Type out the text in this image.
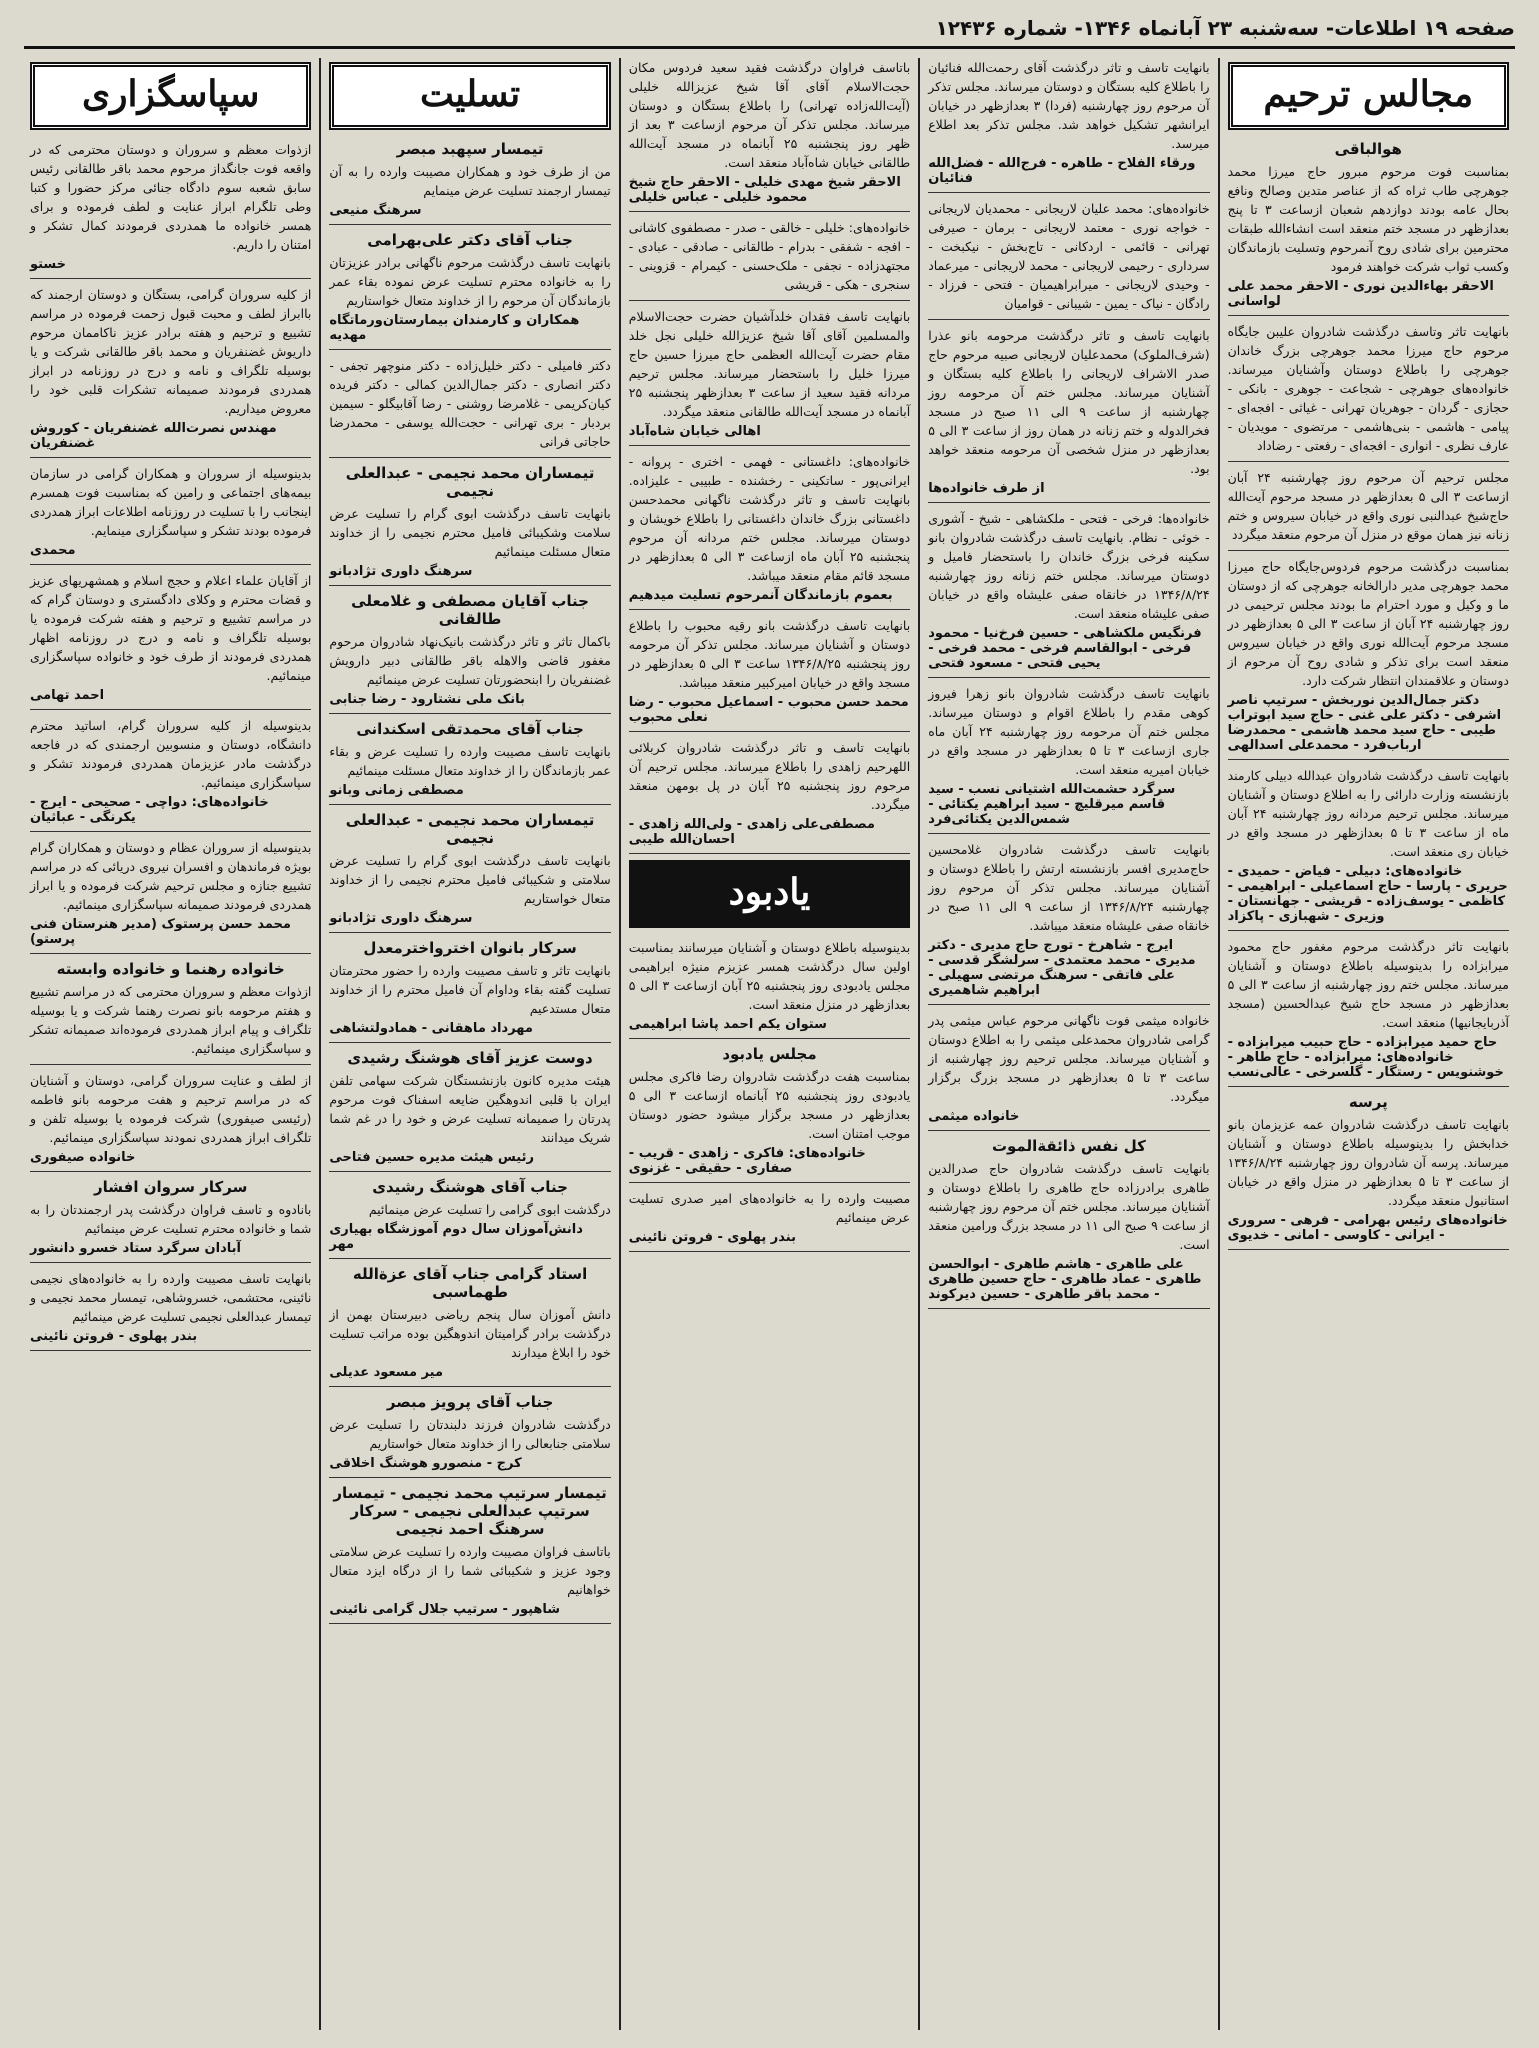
صفحه ۱۹ اطلاعات- سه‌شنبه ۲۳ آبانماه ۱۳۴۶- شماره ۱۲۴۳۶
مجالس ترحیم
هوالباقی

بمناسبت فوت مرحوم مبرور حاج میرزا محمد جوهرچی طاب ثراه که از عناصر متدین وصالح ونافع بحال عامه بودند دوازدهم شعبان ازساعت ۳ تا پنج بعدازظهر در مسجد ختم منعقد است انشاءالله طبقات محترمین برای شادی روح آنمرحوم وتسلیت بازماندگان وکسب ثواب شرکت خواهند فرمود

الاحقر بهاءالدین نوری - الاحقر محمد علی لواسانی

بانهایت تاثر وتاسف درگذشت شادروان علیبن جایگاه مرحوم حاج میرزا محمد جوهرچی بزرگ خاندان جوهرچی را باطلاع دوستان وآشنایان میرساند. خانواده‌های جوهرچی - شجاعت - جوهری - بانکی - حجازی - گردان - جوهریان تهرانی - غیاثی - افجه‌ای - پیامی - هاشمی - بنی‌هاشمی - مرتضوی - مویدیان - عارف نظری - انواری - افجه‌ای - رفعتی - رضاداد

مجلس ترحیم آن مرحوم روز چهارشنبه ۲۴ آبان ازساعت ۳ الی ۵ بعدازظهر در مسجد مرحوم آیت‌الله حاج‌شیخ عبدالنبی نوری واقع در خیابان سیروس و ختم زنانه نیز همان موقع در منزل آن مرحوم منعقد میگردد

بمناسبت درگذشت مرحوم فردوس‌جایگاه حاج میرزا محمد جوهرچی مدیر دارالخانه جوهرچی که از دوستان ما و وکیل و مورد احترام ما بودند مجلس ترحیمی در روز چهارشنبه ۲۴ آبان از ساعت ۳ الی ۵ بعدازظهر در مسجد مرحوم آیت‌الله نوری واقع در خیابان سیروس منعقد است برای تذکر و شادی روح آن مرحوم از دوستان و علاقمندان انتظار شرکت دارد.

دکتر جمال‌الدین نوربخش - سرتیپ ناصر اشرفی - دکتر علی غنی - حاج سید ابوتراب طیبی - حاج سید محمد هاشمی - محمدرضا ارباب‌فرد - محمدعلی اسدالهی

بانهایت تاسف درگذشت شادروان عبدالله دبیلی کارمند بازنشسته وزارت دارائی را به اطلاع دوستان و آشنایان میرساند. مجلس ترحیم مردانه روز چهارشنبه ۲۴ آبان ماه از ساعت ۳ تا ۵ بعدازظهر در مسجد واقع در خیابان ری منعقد است.

خانواده‌های: دبیلی - فیاض - حمیدی - حریری - پارسا - حاج اسماعیلی - ابراهیمی - کاظمی - یوسف‌زاده - قریشی - جهانستان - وزیری - شهبازی - پاکزاد

بانهایت تاثر درگذشت مرحوم مغفور حاج محمود میرابزاده را بدینوسیله باطلاع دوستان و آشنایان میرساند. مجلس ختم روز چهارشنبه از ساعت ۳ الی ۵ بعدازظهر در مسجد حاج شیخ عبدالحسین (مسجد آذربایجانیها) منعقد است.

حاج حمید میرابزاده - حاج حبیب میرابزاده - خانواده‌های: میرابزاده - حاج طاهر - خوشنویس - رستگار - گلسرخی - عالی‌نسب
پرسه

بانهایت تاسف درگذشت شادروان عمه عزیزمان بانو خدابخش را بدینوسیله باطلاع دوستان و آشنایان میرساند. پرسه آن شادروان روز چهارشنبه ۱۳۴۶/۸/۲۴ از ساعت ۳ تا ۵ بعدازظهر در منزل واقع در خیابان استانبول منعقد میگردد.

خانواده‌های رئیس بهرامی - فرهی - سروری - ایرانی - کاوسی - امانی - خدیوی

بانهایت تاسف و تاثر درگذشت آقای رحمت‌الله فنائیان را باطلاع کلیه بستگان و دوستان میرساند. مجلس تذکر آن مرحوم روز چهارشنبه (فردا) ۳ بعدازظهر در خیابان ایرانشهر تشکیل خواهد شد. مجلس تذکر بعد اطلاع میرسد.

ورقاء الفلاح - طاهره - فرج‌الله - فضل‌الله فنائیان

خانواده‌های: محمد علیان لاریجانی - محمدیان لاریجانی - خواجه نوری - معتمد لاریجانی - برمان - صیرفی تهرانی - قائمی - اردکانی - تاج‌بخش - نیکبخت - سرداری - رحیمی لاریجانی - محمد لاریجانی - میرعماد - وحیدی لاریجانی - میرابراهیمیان - فتحی - فرزاد - رادگان - نیاک - یمین - شیبانی - قوامیان

بانهایت تاسف و تاثر درگذشت مرحومه بانو عذرا (شرف‌الملوک) محمدعلیان لاریجانی صبیه مرحوم حاج صدر الاشراف لاریجانی را باطلاع کلیه بستگان و آشنایان میرساند. مجلس ختم آن مرحومه روز چهارشنبه از ساعت ۹ الی ۱۱ صبح در مسجد فخرالدوله و ختم زنانه در همان روز از ساعت ۳ الی ۵ بعدازظهر در منزل شخصی آن مرحومه منعقد خواهد بود.

از طرف خانواده‌ها

خانواده‌ها: فرخی - فتحی - ملکشاهی - شیخ - آشوری - خوئی - نظام. بانهایت تاسف درگذشت شادروان بانو سکینه فرخی بزرگ خاندان را باستحضار فامیل و دوستان میرساند. مجلس ختم زنانه روز چهارشنبه ۱۳۴۶/۸/۲۴ در خانقاه صفی علیشاه واقع در خیابان صفی علیشاه منعقد است.

فرنگیس ملکشاهی - حسین فرخ‌نیا - محمود فرخی - ابوالقاسم فرخی - محمد فرخی - یحیی فتحی - مسعود فتحی

بانهایت تاسف درگذشت شادروان بانو زهرا فیروز کوهی مقدم را باطلاع اقوام و دوستان میرساند. مجلس ختم آن مرحومه روز چهارشنبه ۲۴ آبان ماه جاری ازساعت ۳ تا ۵ بعدازظهر در مسجد واقع در خیابان امیریه منعقد است.

سرگرد حشمت‌الله اشتیانی نسب - سید قاسم میرقلیچ - سید ابراهیم یکتائی - شمس‌الدین یکتائی‌فرد

بانهایت تاسف درگذشت شادروان غلامحسین حاج‌مدیری افسر بازنشسته ارتش را باطلاع دوستان و آشنایان میرساند. مجلس تذکر آن مرحوم روز چهارشنبه ۱۳۴۶/۸/۲۴ از ساعت ۹ الی ۱۱ صبح در خانقاه صفی علیشاه منعقد میباشد.

ایرج - شاهرخ - تورج حاج مدیری - دکتر مدیری - محمد معتمدی - سرلشگر قدسی - علی فاتقی - سرهنگ مرتضی سهیلی - ابراهیم شاهمیری

خانواده میثمی فوت ناگهانی مرحوم عباس میثمی پدر گرامی شادروان محمدعلی میثمی را به اطلاع دوستان و آشنایان میرساند. مجلس ترحیم روز چهارشنبه از ساعت ۳ تا ۵ بعدازظهر در مسجد بزرگ برگزار میگردد.

خانواده میثمی
کل نفس ذائقةالموت

بانهایت تاسف درگذشت شادروان حاج صدرالدین طاهری برادرزاده حاج طاهری را باطلاع دوستان و آشنایان میرساند. مجلس ختم آن مرحوم روز چهارشنبه از ساعت ۹ صبح الی ۱۱ در مسجد بزرگ ورامین منعقد است.

علی طاهری - هاشم طاهری - ابوالحسن طاهری - عماد طاهری - حاج حسین طاهری - محمد باقر طاهری - حسین دیرکوند

باتاسف فراوان درگذشت فقید سعید فردوس مکان حجت‌الاسلام آقای آقا شیخ عزیزالله خلیلی (آیت‌الله‌زاده تهرانی) را باطلاع بستگان و دوستان میرساند. مجلس تذکر آن مرحوم ازساعت ۳ بعد از ظهر روز پنجشنبه ۲۵ آبانماه در مسجد آیت‌الله طالقانی خیابان شاه‌آباد منعقد است.

الاحقر شیخ مهدی خلیلی - الاحقر حاج شیخ محمود خلیلی - عباس خلیلی

خانواده‌های: خلیلی - خالقی - صدر - مصطفوی کاشانی - افجه - شفقی - بدرام - طالقانی - صادقی - عبادی - مجتهدزاده - نجفی - ملک‌حسنی - کیمرام - قزوینی - سنجری - هکی - قریشی

بانهایت تاسف فقدان خلدآشیان حضرت حجت‌الاسلام والمسلمین آقای آقا شیخ عزیزالله خلیلی نجل خلد مقام حضرت آیت‌الله العظمی حاج میرزا حسین حاج میرزا خلیل را باستحضار میرساند. مجلس ترحیم مردانه فقید سعید از ساعت ۳ بعدازظهر پنجشنبه ۲۵ آبانماه در مسجد آیت‌الله طالقانی منعقد میگردد.

اهالی خیابان شاه‌آباد

خانواده‌های: داغستانی - فهمی - اختری - پروانه - ایرانی‌پور - ساتکینی - رخشنده - طبیبی - علیزاده. بانهایت تاسف و تاثر درگذشت ناگهانی محمدحسن داغستانی بزرگ خاندان داغستانی را باطلاع خویشان و دوستان میرساند. مجلس ختم مردانه آن مرحوم پنجشنبه ۲۵ آبان ماه ازساعت ۳ الی ۵ بعدازظهر در مسجد قائم مقام منعقد میباشد.

بعموم بازماندگان آنمرحوم تسلیت میدهیم

بانهایت تاسف درگذشت بانو رقیه محبوب را باطلاع دوستان و آشنایان میرساند. مجلس تذکر آن مرحومه روز پنجشنبه ۱۳۴۶/۸/۲۵ ساعت ۳ الی ۵ بعدازظهر در مسجد واقع در خیابان امیرکبیر منعقد میباشد.

محمد حسن محبوب - اسماعیل محبوب - رضا نعلی محبوب

بانهایت تاسف و تاثر درگذشت شادروان کربلائی اللهرحیم زاهدی را باطلاع میرساند. مجلس ترحیم آن مرحوم روز پنجشنبه ۲۵ آبان در پل بومهن منعقد میگردد.

مصطفی‌علی زاهدی - ولی‌الله زاهدی - احسان‌الله طیبی
یادبود

بدینوسیله باطلاع دوستان و آشنایان میرسانند بمناسبت اولین سال درگذشت همسر عزیزم منیژه ابراهیمی مجلس یادبودی روز پنجشنبه ۲۵ آبان ازساعت ۳ الی ۵ بعدازظهر در منزل منعقد است.

ستوان یکم احمد پاشا ابراهیمی
مجلس یادبود

بمناسبت هفت درگذشت شادروان رضا فاکری مجلس یادبودی روز پنجشنبه ۲۵ آبانماه ازساعت ۳ الی ۵ بعدازظهر در مسجد برگزار میشود حضور دوستان موجب امتنان است.

خانواده‌های: فاکری - زاهدی - قریب - صفاری - حقیقی - غزنوی

مصیبت وارده را به خانواده‌های امیر صدری تسلیت عرض مینمائیم

بندر پهلوی - فروتن نائینی
تسلیت
تیمسار سپهبد مبصر

من از طرف خود و همکاران مصیبت وارده را به آن تیمسار ارجمند تسلیت عرض مینمایم

سرهنگ منیعی
جناب آقای دکتر علی‌بهرامی

بانهایت تاسف درگذشت مرحوم ناگهانی برادر عزیزتان را به خانواده محترم تسلیت عرض نموده بقاء عمر بازماندگان آن مرحوم را از خداوند متعال خواستاریم

همکاران و کارمندان بیمارستان‌ورماتگاه مهدیه

دکتر فامیلی - دکتر خلیل‌زاده - دکتر منوچهر تجفی - دکتر انصاری - دکتر جمال‌الدین کمالی - دکتر فریده کیان‌کریمی - غلامرضا روشنی - رضا آقابیگلو - سیمین بردبار - بری تهرانی - حجت‌الله یوسفی - محمدرضا حاجاتی فرانی

تیمساران محمد نجیمی - عبدالعلی نجیمی

بانهایت تاسف درگذشت ابوی گرام را تسلیت عرض سلامت وشکیبائی فامیل محترم نجیمی را از خداوند متعال مسئلت مینمائیم

سرهنگ داوری تژادبانو
جناب آقایان مصطفی و غلامعلی طالقانی

باکمال تاثر و تاثر درگذشت بانیک‌نهاد شادروان مرحوم مغفور قاضی والاهله باقر طالقانی دبیر دارویش غضنفریان را ابنحضورتان تسلیت عرض مینمائیم

بانک ملی نشتارود - رضا جنابی
جناب آقای محمدتقی اسکندانی

بانهایت تاسف مصیبت وارده را تسلیت عرض و بقاء عمر بازماندگان را از خداوند متعال مسئلت مینمائیم

مصطفی زمانی وبانو
تیمساران محمد نجیمی - عبدالعلی نجیمی

بانهایت تاسف درگذشت ابوی گرام را تسلیت عرض سلامتی و شکیبائی فامیل محترم نجیمی را از خداوند متعال خواستاریم

سرهنگ داوری تژادبانو
سرکار بانوان اخترواخترمعدل

بانهایت تاثر و تاسف مصیبت وارده را حضور محترمتان تسلیت گفته بقاء وداوام آن فامیل محترم را از خداوند متعال مستدعیم

مهرداد ماهقانی - همادولتشاهی
دوست عزیز آقای هوشنگ رشیدی

هیئت مدیره کانون بازنشستگان شرکت سهامی تلفن ایران با قلبی اندوهگین ضایعه اسفناک فوت مرحوم پدرتان را صمیمانه تسلیت عرض و خود را در غم شما شریک میدانند

رئیس هیئت مدیره حسین فتاحی
جناب آقای هوشنگ رشیدی

درگذشت ابوی گرامی را تسلیت عرض مینمائیم

دانش‌آموزان سال دوم آموزشگاه بهیاری مهر
استاد گرامی جناب آقای عزةالله طهماسبی

دانش آموزان سال پنجم ریاضی دبیرستان بهمن از درگذشت برادر گرامیتان اندوهگین بوده مراتب تسلیت خود را ابلاغ میدارند

میر مسعود عدیلی
جناب آقای پرویز مبصر

درگذشت شادروان فرزند دلبندتان را تسلیت عرض سلامتی جنابعالی را از خداوند متعال خواستاریم

کرج - منصورو هوشنگ اخلاقی
تیمسار سرتیپ محمد نجیمی - تیمسار سرتیپ عبدالعلی نجیمی - سرکار سرهنگ احمد نجیمی

باتاسف فراوان مصیبت وارده را تسلیت عرض سلامتی وجود عزیز و شکیبائی شما را از درگاه ایزد متعال خواهانیم

شاهپور - سرتیپ جلال گرامی نائینی
سپاسگزاری

ازذوات معظم و سروران و دوستان محترمی که در واقعه فوت جانگداز مرحوم محمد باقر طالقانی رئیس سابق شعبه سوم دادگاه جنائی مرکز حضورا و کتبا وطی تلگرام ابراز عنایت و لطف فرموده و برای همسر خانواده ما همدردی فرمودند کمال تشکر و امتنان را داریم.

خستو

از کلیه سروران گرامی، بستگان و دوستان ارجمند که باابراز لطف و محبت قبول زحمت فرموده در مراسم تشییع و ترحیم و هفته برادر عزیز ناکاممان مرحوم داریوش غضنفریان و محمد باقر طالقانی شرکت و یا بوسیله تلگراف و نامه و درج در روزنامه در ابراز همدردی فرمودند صمیمانه تشکرات قلبی خود را معروض میداریم.

مهندس نصرت‌الله غضنفریان - کوروش غضنفریان

بدینوسیله از سروران و همکاران گرامی در سازمان بیمه‌های اجتماعی و رامین که بمناسبت فوت همسرم اینجانب را با تسلیت در روزنامه اطلاعات ابراز همدردی فرموده بودند تشکر و سپاسگزاری مینمایم.

محمدی

از آقایان علماء اعلام و حجج اسلام و همشهریهای عزیز و قضات محترم و وکلای دادگستری و دوستان گرام که در مراسم تشییع و ترحیم و هفته شرکت فرموده یا بوسیله تلگراف و نامه و درج در روزنامه اظهار همدردی فرمودند از طرف خود و خانواده سپاسگزاری مینمائیم.

احمد تهامی

بدینوسیله از کلیه سروران گرام، اساتید محترم دانشگاه، دوستان و منسوبین ارجمندی که در فاجعه درگذشت مادر عزیزمان همدردی فرمودند تشکر و سپاسگزاری مینمائیم.

خانواده‌های: دواچی - صحیحی - ایرج - یکرنگی - عباثیان

بدینوسیله از سروران عظام و دوستان و همکاران گرام بویژه فرماندهان و افسران نیروی دریائی که در مراسم تشییع جنازه و مجلس ترحیم شرکت فرموده و یا ابراز همدردی فرمودند صمیمانه سپاسگزاری مینمائیم.

محمد حسن پرستوک (مدیر هنرستان فنی پرستو)
خانواده رهنما و خانواده وابسته

ازذوات معظم و سروران محترمی که در مراسم تشییع و هفتم مرحومه بانو نصرت رهنما شرکت و یا بوسیله تلگراف و پیام ابراز همدردی فرموده‌اند صمیمانه تشکر و سپاسگزاری مینمائیم.

از لطف و عنایت سروران گرامی، دوستان و آشنایان که در مراسم ترحیم و هفت مرحومه بانو فاطمه (رئیسی صیفوری) شرکت فرموده یا بوسیله تلفن و تلگراف ابراز همدردی نمودند سپاسگزاری مینمائیم.

خانواده صیفوری
سرکار سروان افشار

بانادوه و تاسف فراوان درگذشت پدر ارجمندتان را به شما و خانواده محترم تسلیت عرض مینمائیم

آبادان سرگرد ستاد خسرو دانشور

بانهایت تاسف مصیبت وارده را به خانواده‌های نجیمی نائینی، محتشمی، خسروشاهی، تیمسار محمد نجیمی و تیمسار عبدالعلی نجیمی تسلیت عرض مینمائیم

بندر پهلوی - فروتن نائینی
